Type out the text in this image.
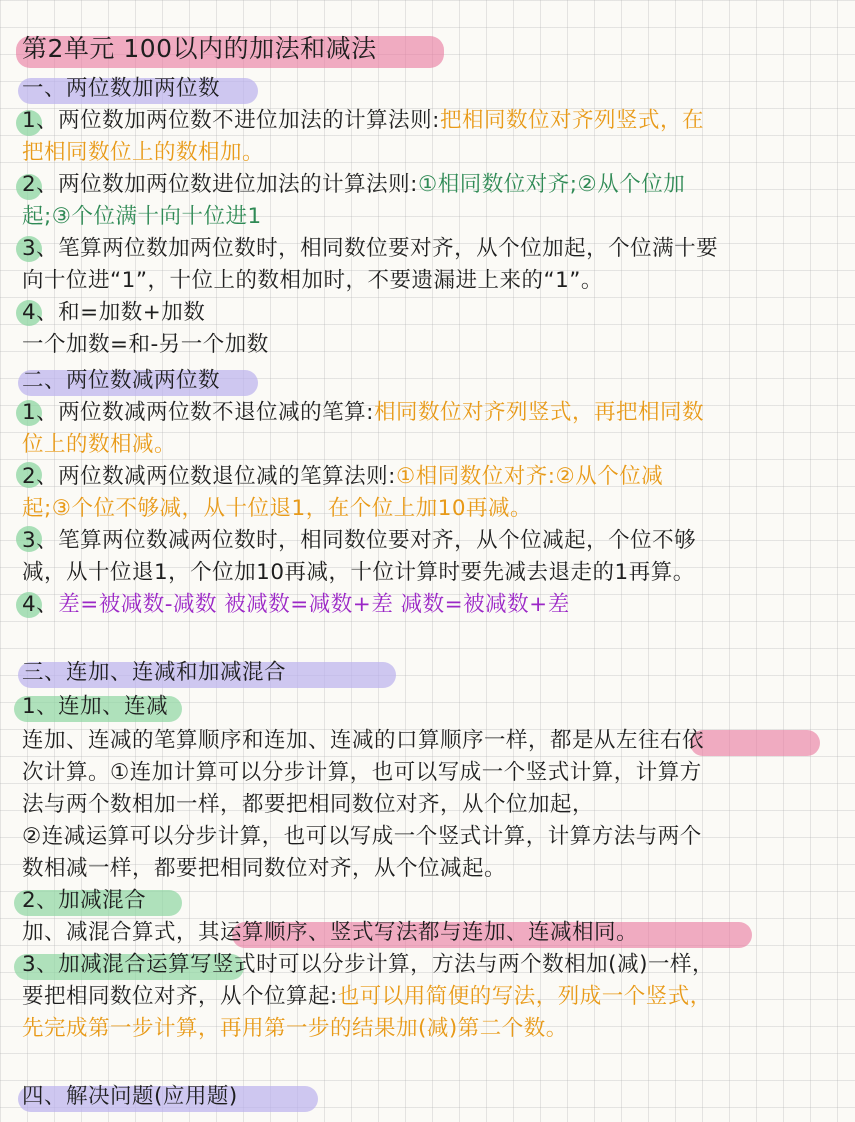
第2单元 100以内的加法和减法
一、两位数加两位数
1、两位数加两位数不进位加法的计算法则:把相同数位对齐列竖式，在
把相同数位上的数相加。
2、两位数加两位数进位加法的计算法则:①相同数位对齐;②从个位加
起;③个位满十向十位进1
3、笔算两位数加两位数时，相同数位要对齐，从个位加起，个位满十要
向十位进“1”，十位上的数相加时，不要遗漏进上来的“1”。
4、和=加数+加数
一个加数=和-另一个加数
二、两位数减两位数
1、两位数减两位数不退位减的笔算:相同数位对齐列竖式，再把相同数
位上的数相减。
2、两位数减两位数退位减的笔算法则:①相同数位对齐:②从个位减
起;③个位不够减，从十位退1，在个位上加10再减。
3、笔算两位数减两位数时，相同数位要对齐，从个位减起，个位不够
减，从十位退1，个位加10再减，十位计算时要先减去退走的1再算。
4、差=被减数-减数 被减数=减数+差 减数=被减数+差
三、连加、连减和加减混合
1、连加、连减
连加、连减的笔算顺序和连加、连减的口算顺序一样，都是从左往右依
次计算。①连加计算可以分步计算，也可以写成一个竖式计算，计算方
法与两个数相加一样，都要把相同数位对齐，从个位加起，
②连减运算可以分步计算，也可以写成一个竖式计算，计算方法与两个
数相减一样，都要把相同数位对齐，从个位减起。
2、加减混合
加、减混合算式，其运算顺序、竖式写法都与连加、连减相同。
3、加减混合运算写竖式时可以分步计算，方法与两个数相加(减)一样，
要把相同数位对齐，从个位算起:也可以用简便的写法，列成一个竖式，
先完成第一步计算，再用第一步的结果加(减)第二个数。
四、解决问题(应用题)
